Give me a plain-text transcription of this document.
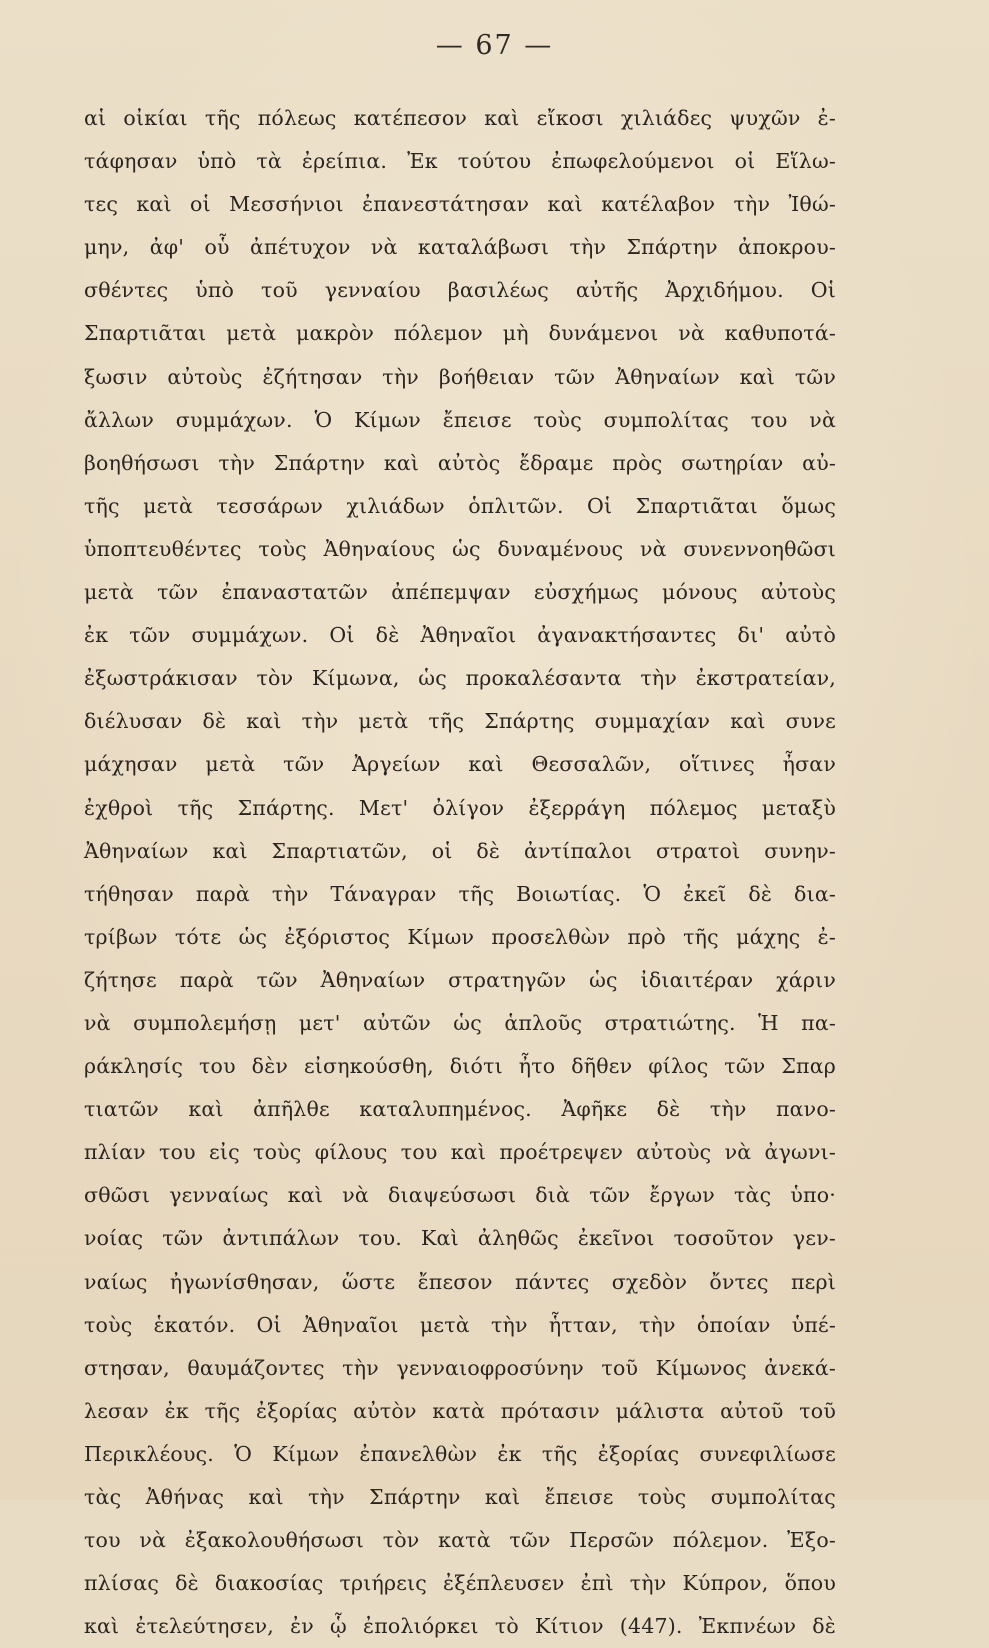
— 67 —
αἱ οἰκίαι τῆς πόλεως κατέπεσον καὶ εἴκοσι χιλιάδες ψυχῶν ἐ-
τάφησαν ὑπὸ τὰ ἐρείπια. Ἐκ τούτου ἐπωφελούμενοι οἱ Εἵλω-
τες καὶ οἱ Μεσσήνιοι ἐπανεστάτησαν καὶ κατέλαβον τὴν Ἰθώ-
μην, ἀφ' οὗ ἀπέτυχον νὰ καταλάβωσι τὴν Σπάρτην ἀποκρου-
σθέντες ὑπὸ τοῦ γενναίου βασιλέως αὐτῆς Ἀρχιδήμου. Οἱ
Σπαρτιᾶται μετὰ μακρὸν πόλεμον μὴ δυνάμενοι νὰ καθυποτά-
ξωσιν αὐτοὺς ἐζήτησαν τὴν βοήθειαν τῶν Ἀθηναίων καὶ τῶν
ἄλλων συμμάχων. Ὁ Κίμων ἔπεισε τοὺς συμπολίτας του νὰ
βοηθήσωσι τὴν Σπάρτην καὶ αὐτὸς ἔδραμε πρὸς σωτηρίαν αὐ-
τῆς μετὰ τεσσάρων χιλιάδων ὁπλιτῶν. Οἱ Σπαρτιᾶται ὅμως
ὑποπτευθέντες τοὺς Ἀθηναίους ὡς δυναμένους νὰ συνεννοηθῶσι
μετὰ τῶν ἐπαναστατῶν ἀπέπεμψαν εὐσχήμως μόνους αὐτοὺς
ἐκ τῶν συμμάχων. Οἱ δὲ Ἀθηναῖοι ἀγανακτήσαντες δι' αὐτὸ
ἐξωστράκισαν τὸν Κίμωνα, ὡς προκαλέσαντα τὴν ἐκστρατείαν,
διέλυσαν δὲ καὶ τὴν μετὰ τῆς Σπάρτης συμμαχίαν καὶ συνε
μάχησαν μετὰ τῶν Ἀργείων καὶ Θεσσαλῶν, οἵτινες ἦσαν
ἐχθροὶ τῆς Σπάρτης. Μετ' ὀλίγον ἐξερράγη πόλεμος μεταξὺ
Ἀθηναίων καὶ Σπαρτιατῶν, οἱ δὲ ἀντίπαλοι στρατοὶ συνην-
τήθησαν παρὰ τὴν Τάναγραν τῆς Βοιωτίας. Ὁ ἐκεῖ δὲ δια-
τρίβων τότε ὡς ἐξόριστος Κίμων προσελθὼν πρὸ τῆς μάχης ἐ-
ζήτησε παρὰ τῶν Ἀθηναίων στρατηγῶν ὡς ἰδιαιτέραν χάριν
νὰ συμπολεμήσῃ μετ' αὐτῶν ὡς ἁπλοῦς στρατιώτης. Ἡ πα-
ράκλησίς του δὲν εἰσηκούσθη, διότι ἦτο δῆθεν φίλος τῶν Σπαρ
τιατῶν καὶ ἀπῆλθε καταλυπημένος. Ἀφῆκε δὲ τὴν πανο-
πλίαν του εἰς τοὺς φίλους του καὶ προέτρεψεν αὐτοὺς νὰ ἀγωνι-
σθῶσι γενναίως καὶ νὰ διαψεύσωσι διὰ τῶν ἔργων τὰς ὑπο·
νοίας τῶν ἀντιπάλων του. Καὶ ἀληθῶς ἐκεῖνοι τοσοῦτον γεν-
ναίως ἠγωνίσθησαν, ὥστε ἔπεσον πάντες σχεδὸν ὄντες περὶ
τοὺς ἑκατόν. Οἱ Ἀθηναῖοι μετὰ τὴν ἧτταν, τὴν ὁποίαν ὑπέ-
στησαν, θαυμάζοντες τὴν γενναιοφροσύνην τοῦ Κίμωνος ἀνεκά-
λεσαν ἐκ τῆς ἐξορίας αὐτὸν κατὰ πρότασιν μάλιστα αὐτοῦ τοῦ
Περικλέους. Ὁ Κίμων ἐπανελθὼν ἐκ τῆς ἐξορίας συνεφιλίωσε
τὰς Ἀθήνας καὶ τὴν Σπάρτην καὶ ἔπεισε τοὺς συμπολίτας
του νὰ ἐξακολουθήσωσι τὸν κατὰ τῶν Περσῶν πόλεμον. Ἐξο-
πλίσας δὲ διακοσίας τριήρεις ἐξέπλευσεν ἐπὶ τὴν Κύπρον, ὅπου
καὶ ἐτελεύτησεν, ἐν ᾧ ἐπολιόρκει τὸ Κίτιον (447). Ἐκπνέων δὲ
